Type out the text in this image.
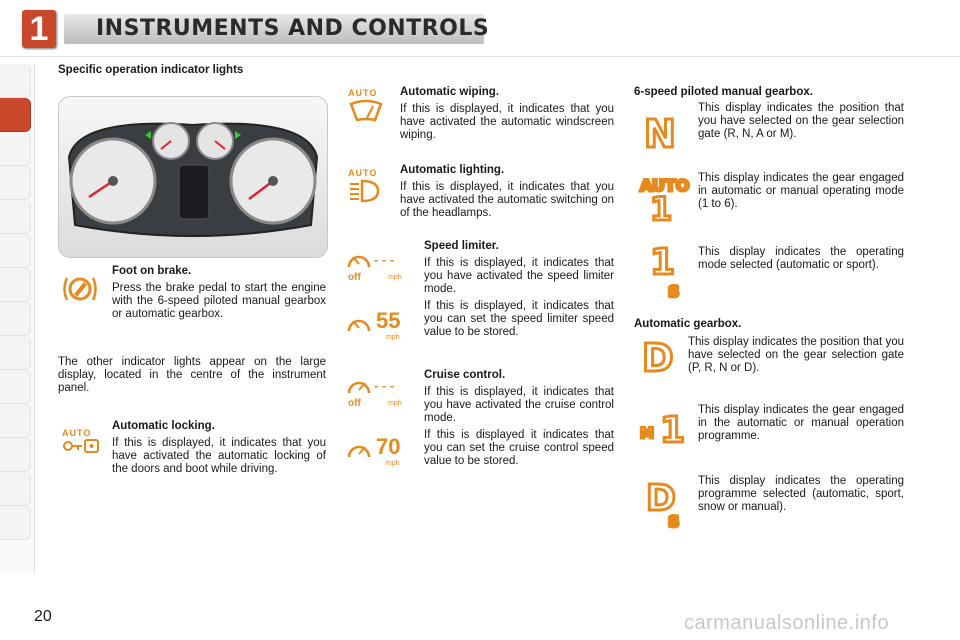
1	INSTRUMENTS AND CONTROLS
Specific operation indicator lights
Foot on brake.
Press the brake pedal to start the engine with the 6-speed piloted manual gearbox or automatic gearbox.
The other indicator lights appear on the large display, located in the centre of the instrument panel.
AUTO
Automatic locking.
If this is displayed, it indicates that you have activated the automatic locking of the doors and boot while driving.
AUTO	Automatic wiping.
If this is displayed, it indicates that you have activated the automatic windscreen wiping.
AUTO	Automatic lighting.
If this is displayed, it indicates that you have activated the automatic switching on of the headlamps.
- - -
off	mph
55
mph
Speed limiter.
If this is displayed, it indicates that you have activated the speed limiter mode.
If this is displayed, it indicates that you can set the speed limiter speed value to be stored.
- - -
off	mph
70
mph
Cruise control.
If this is displayed, it indicates that you have activated the cruise control mode.
If this is displayed it indicates that you can set the cruise control speed value to be stored.
6-speed piloted manual gearbox.
N
This display indicates the position that you have selected on the gear selection gate (R, N, A or M).
AUTO
1
This display indicates the gear engaged in automatic or manual operating mode (1 to 6).
1
S
This display indicates the operating mode selected (automatic or sport).
Automatic gearbox.
D This display indicates the position that you have selected on the gear selection gate (P, R, N or D).
M 1 This display indicates the gear engaged in the automatic or manual operation programme.
D
S
This display indicates the operating programme selected (automatic, sport, snow or manual).
20	carmanualsonline.info
